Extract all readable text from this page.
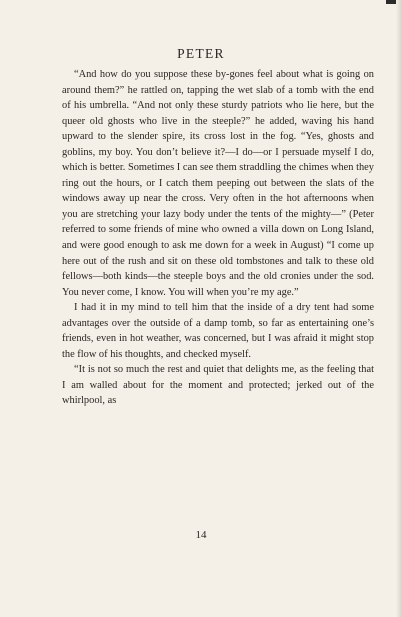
PETER

“And how do you suppose these by-gones feel about what is going on around them?” he rattled on, tapping the wet slab of a tomb with the end of his umbrella. “And not only these sturdy patriots who lie here, but the queer old ghosts who live in the steeple?” he added, waving his hand upward to the slender spire, its cross lost in the fog. “Yes, ghosts and goblins, my boy. You don’t believe it?—I do—or I persuade myself I do, which is better. Sometimes I can see them straddling the chimes when they ring out the hours, or I catch them peeping out between the slats of the windows away up near the cross. Very often in the hot afternoons when you are stretching your lazy body under the tents of the mighty—” (Peter referred to some friends of mine who owned a villa down on Long Island, and were good enough to ask me down for a week in August) “I come up here out of the rush and sit on these old tombstones and talk to these old fellows—both kinds—the steeple boys and the old cronies under the sod. You never come, I know. You will when you’re my age.”

I had it in my mind to tell him that the inside of a dry tent had some advantages over the outside of a damp tomb, so far as entertaining one’s friends, even in hot weather, was concerned, but I was afraid it might stop the flow of his thoughts, and checked myself.

“It is not so much the rest and quiet that delights me, as the feeling that I am walled about for the moment and protected; jerked out of the whirlpool, as

14
